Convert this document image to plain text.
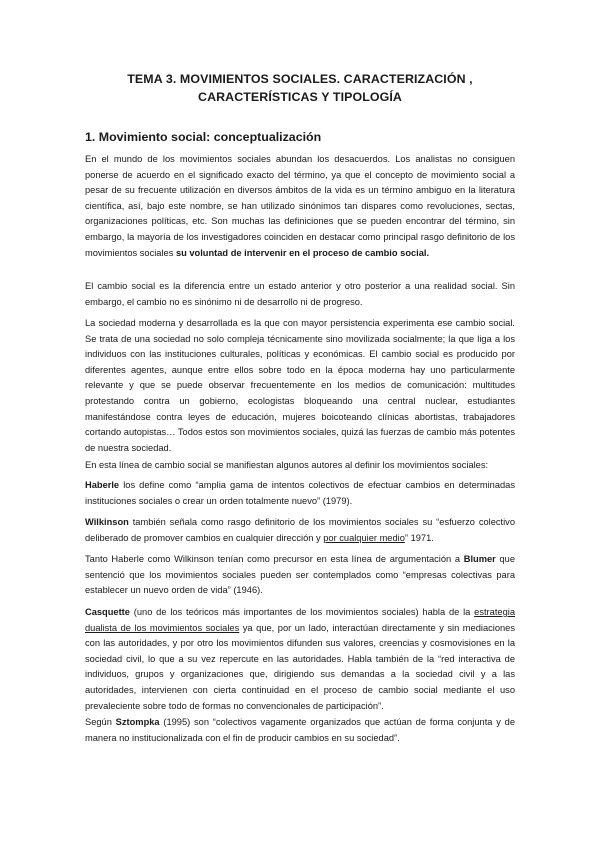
TEMA 3. MOVIMIENTOS SOCIALES. CARACTERIZACIÓN ,
CARACTERÍSTICAS Y TIPOLOGÍA
1. Movimiento social: conceptualización
En el mundo de los movimientos sociales abundan los desacuerdos. Los analistas no consiguen ponerse de acuerdo en el significado exacto del término, ya que el concepto de movimiento social a pesar de su frecuente utilización en diversos ámbitos de la vida es un término ambiguo en la literatura científica, así, bajo este nombre, se han utilizado sinónimos tan dispares como revoluciones, sectas, organizaciones políticas, etc. Son muchas las definiciones que se pueden encontrar del término, sin embargo, la mayoría de los investigadores coinciden en destacar como principal rasgo definitorio de los movimientos sociales su voluntad de intervenir en el proceso de cambio social.
El cambio social es la diferencia entre un estado anterior y otro posterior a una realidad social. Sin embargo, el cambio no es sinónimo ni de desarrollo ni de progreso.
La sociedad moderna y desarrollada es la que con mayor persistencia experimenta ese cambio social. Se trata de una sociedad no solo compleja técnicamente sino movilizada socialmente; la que liga a los individuos con las instituciones culturales, políticas y económicas. El cambio social es producido por diferentes agentes, aunque entre ellos sobre todo en la época moderna hay uno particularmente relevante y que se puede observar frecuentemente en los medios de comunicación: multitudes protestando contra un gobierno, ecologistas bloqueando una central nuclear, estudiantes manifestándose contra leyes de educación, mujeres boicoteando clínicas abortistas, trabajadores cortando autopistas… Todos estos son movimientos sociales, quizá las fuerzas de cambio más potentes de nuestra sociedad.
En esta línea de cambio social se manifiestan algunos autores al definir los movimientos sociales:
Haberle los define como “amplia gama de intentos colectivos de efectuar cambios en determinadas instituciones sociales o crear un orden totalmente nuevo” (1979).
Wilkinson también señala como rasgo definitorio de los movimientos sociales su “esfuerzo colectivo deliberado de promover cambios en cualquier dirección y por cualquier medio” 1971.
Tanto Haberle como Wilkinson tenían como precursor en esta línea de argumentación a Blumer que sentenció que los movimientos sociales pueden ser contemplados como “empresas colectivas para establecer un nuevo orden de vida” (1946).
Casquette (uno de los teóricos más importantes de los movimientos sociales) habla de la estrategia dualista de los movimientos sociales ya que, por un lado, interactúan directamente y sin mediaciones con las autoridades, y por otro los movimientos difunden sus valores, creencias y cosmovisiones en la sociedad civil, lo que a su vez repercute en las autoridades. Habla también de la “red interactiva de individuos, grupos y organizaciones que, dirigiendo sus demandas a la sociedad civil y a las autoridades, intervienen con cierta continuidad en el proceso de cambio social mediante el uso prevaleciente sobre todo de formas no convencionales de participación”.
Según Sztompka (1995) son “colectivos vagamente organizados que actúan de forma conjunta y de manera no institucionalizada con el fin de producir cambios en su sociedad”.
